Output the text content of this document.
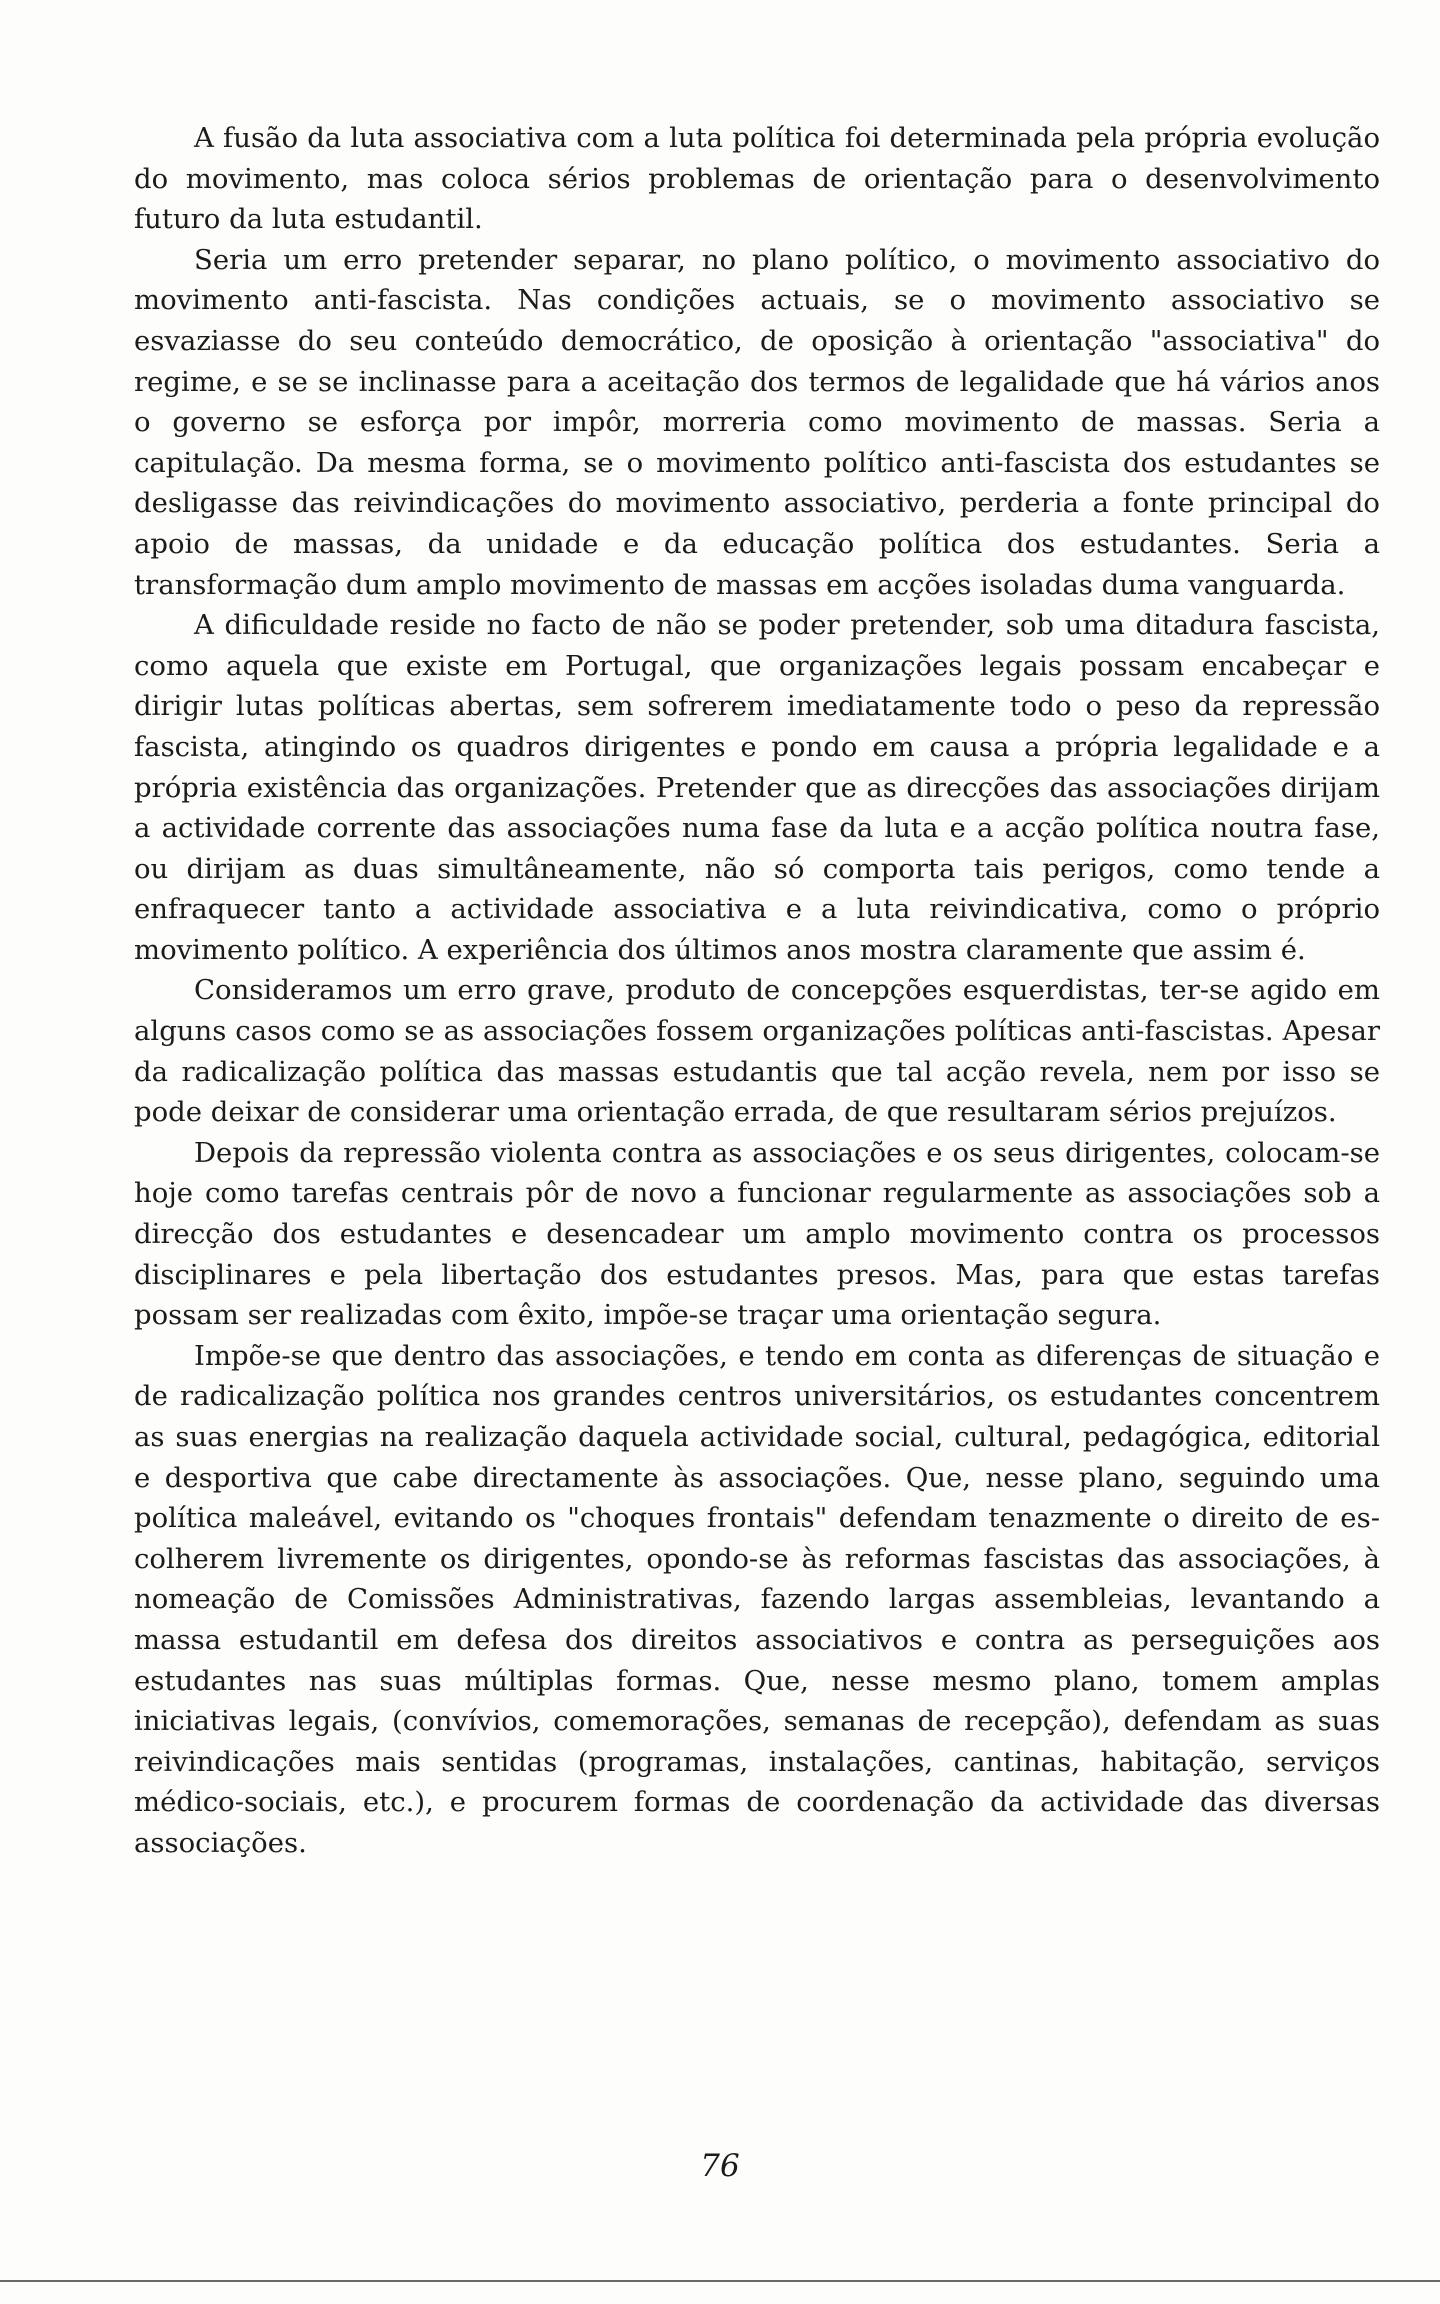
A fusão da luta associativa com a luta política foi determinada pela própria evolução do movimento, mas coloca sérios problemas de orientação para o desenvolvimento futuro da luta estudantil.

Seria um erro pretender separar, no plano político, o movimento associativo do movimento anti-fascista. Nas condições actuais, se o movimento associativo se esvaziasse do seu conteúdo democrático, de oposição à orientação "associativa" do regime, e se se inclinasse para a aceitação dos termos de legalidade que há vários anos o governo se esforça por impôr, morreria como movimento de massas. Seria a capitulação. Da mesma forma, se o movimento político anti-fascista dos estudantes se desligasse das reivindicações do movimento associativo, perderia a fonte principal do apoio de massas, da unidade e da educação política dos estudantes. Seria a transformação dum amplo movimento de massas em acções isoladas duma vanguarda.

A dificuldade reside no facto de não se poder pretender, sob uma ditadura fascista, como aquela que existe em Portugal, que organizações legais possam encabeçar e dirigir lutas políticas abertas, sem sofrerem imediatamente todo o peso da repressão fascista, atingindo os quadros dirigentes e pondo em causa a própria legalidade e a própria existência das organizações. Pretender que as direcções das associações dirijam a actividade corrente das associações numa fase da luta e a acção política noutra fase, ou dirijam as duas simultâneamente, não só comporta tais perigos, como tende a enfraquecer tanto a actividade associativa e a luta reivindicativa, como o próprio movimento político. A experiência dos últimos anos mostra claramente que assim é.

Consideramos um erro grave, produto de concepções esquerdistas, ter-se agido em alguns casos como se as associações fossem organizações políticas anti-fascistas. Apesar da radicalização política das massas estudantis que tal acção revela, nem por isso se pode deixar de considerar uma orientação errada, de que resultaram sérios prejuízos.

Depois da repressão violenta contra as associações e os seus dirigentes, colocam-se hoje como tarefas centrais pôr de novo a funcionar regularmente as associações sob a direcção dos estudantes e desencadear um amplo movimento contra os processos disciplinares e pela libertação dos estudantes presos. Mas, para que estas tarefas possam ser realizadas com êxito, impõe-se traçar uma orientação segura.

Impõe-se que dentro das associações, e tendo em conta as diferenças de situação e de radicalização política nos grandes centros universitários, os estudantes concentrem as suas energias na realização daquela actividade social, cultural, pedagógica, editorial e desportiva que cabe directamente às associações. Que, nesse plano, seguindo uma política maleável, evitando os "choques frontais" defendam tenazmente o direito de escolherem livremente os dirigentes, opondo-se às reformas fascistas das associações, à nomeação de Comissões Administrativas, fazendo largas assembleias, levantando a massa estudantil em defesa dos direitos associativos e contra as perseguições aos estudantes nas suas múltiplas formas. Que, nesse mesmo plano, tomem amplas iniciativas legais, (convívios, comemorações, semanas de recepção), defendam as suas reivindicações mais sentidas (programas, instalações, cantinas, habitação, serviços médico-sociais, etc.), e procurem formas de coordenação da actividade das diversas associações.

76
